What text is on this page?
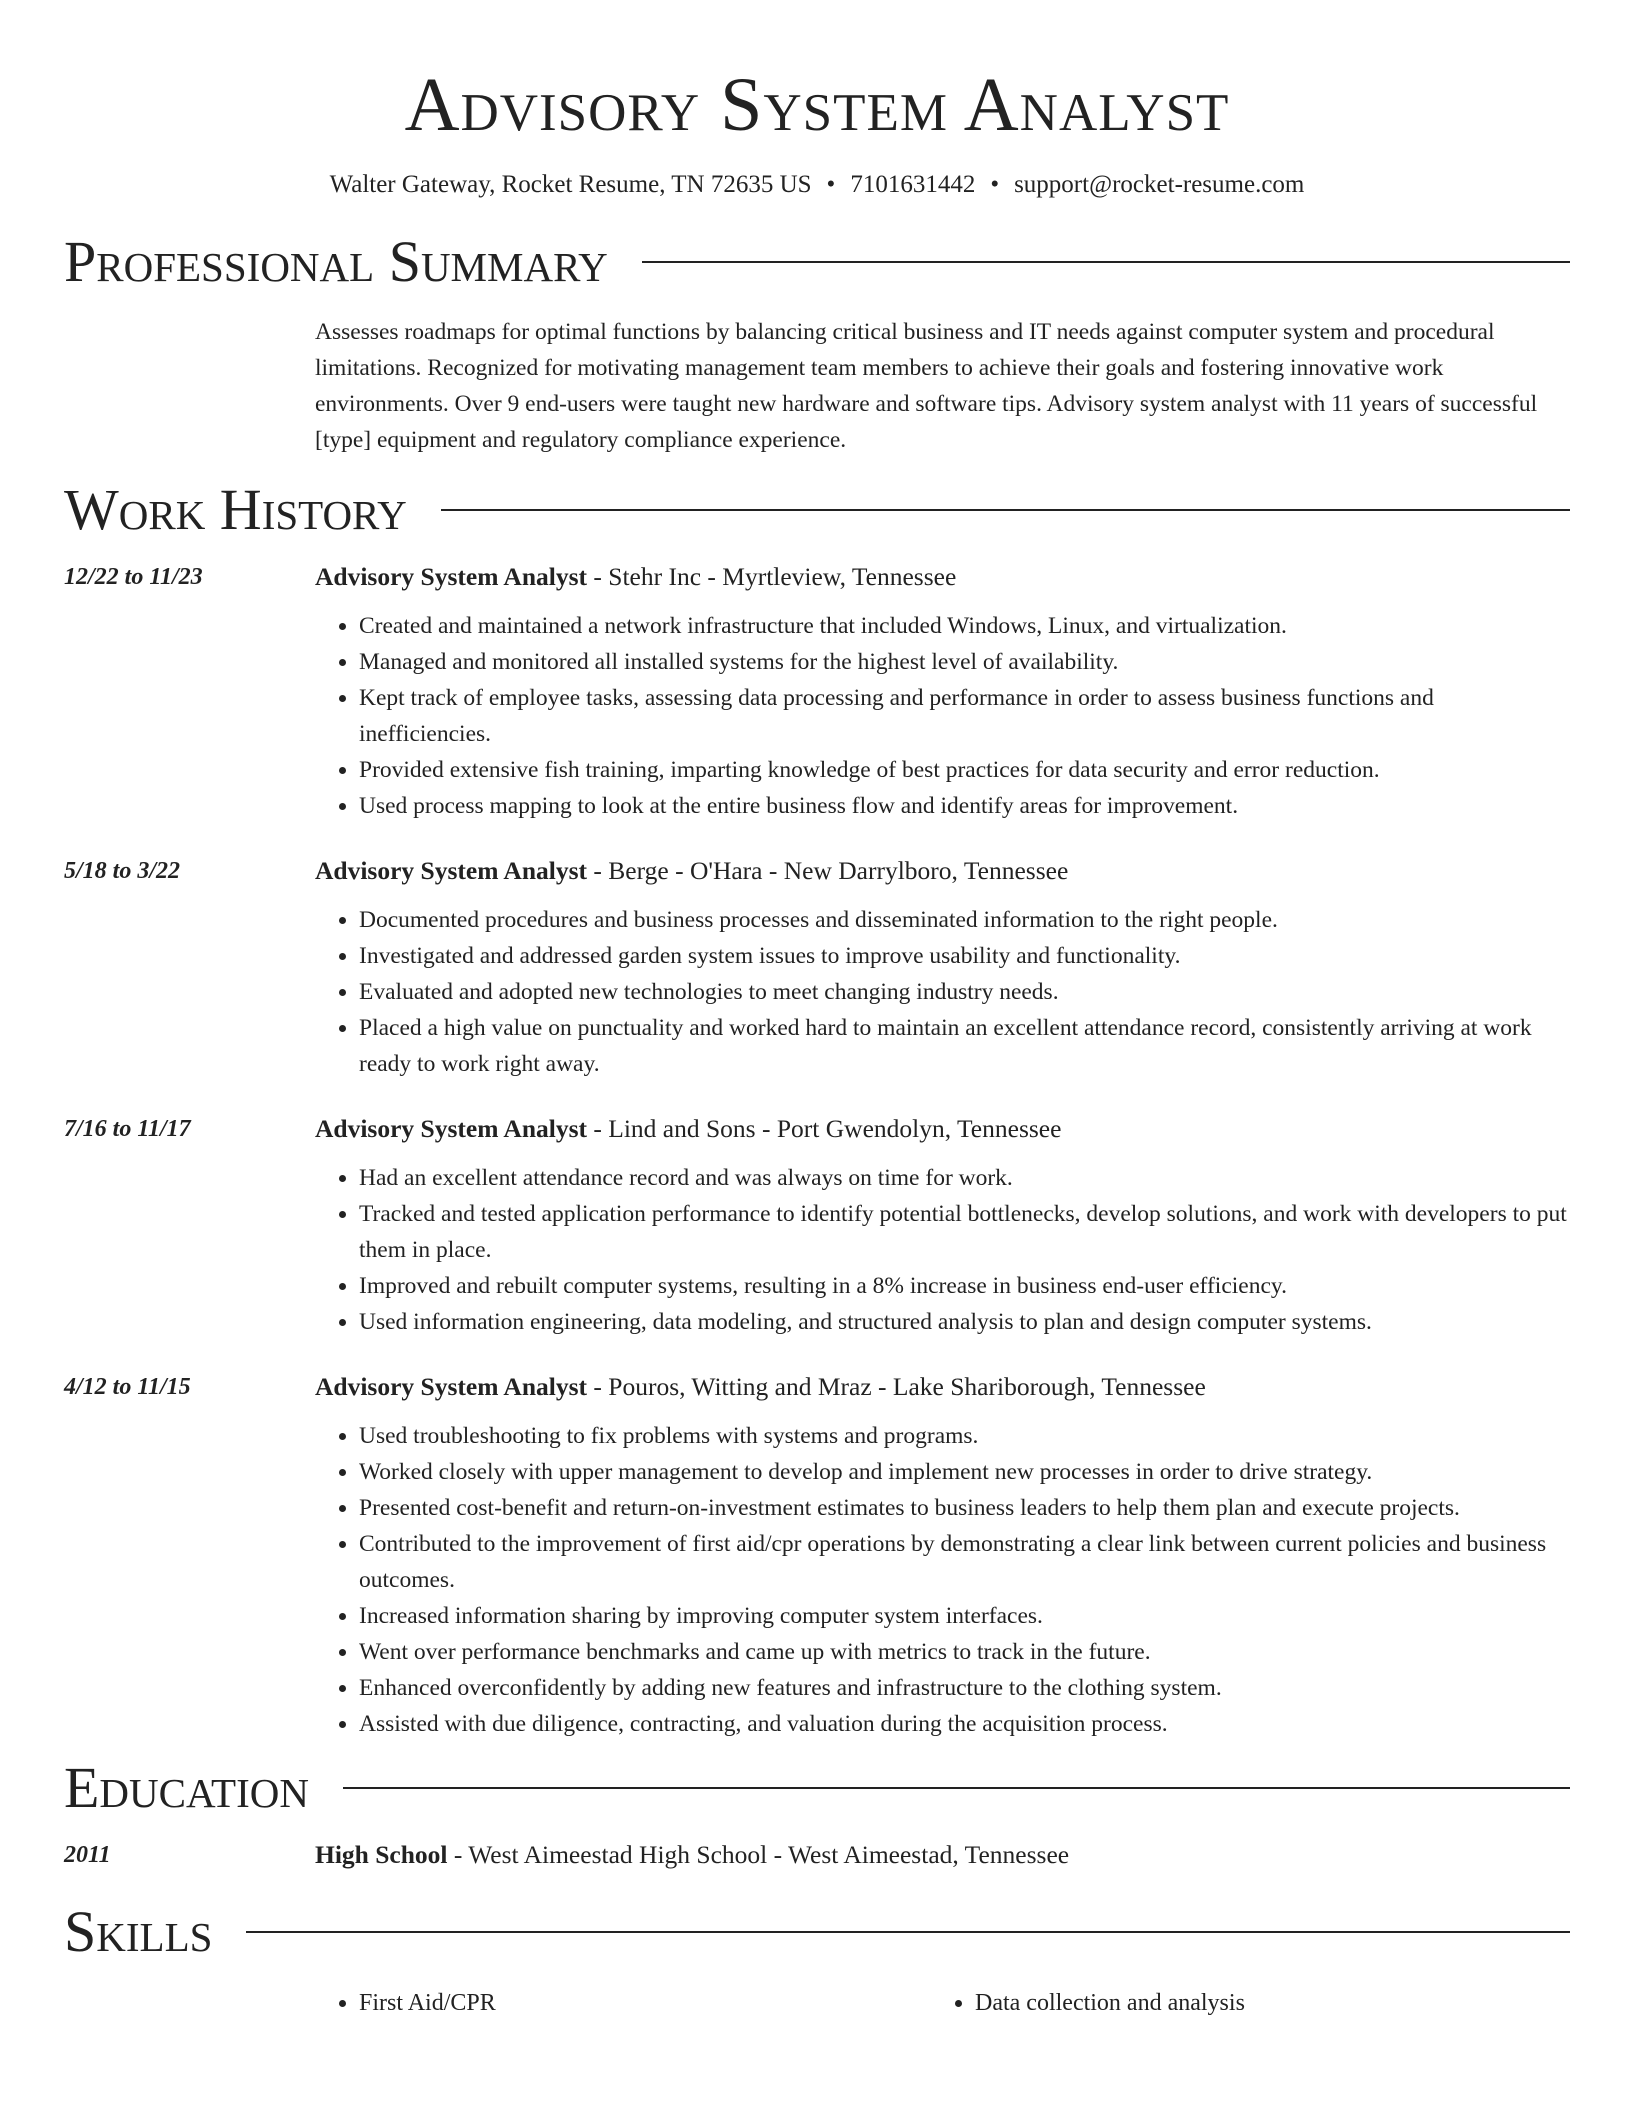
Advisory System Analyst
Walter Gateway, Rocket Resume, TN 72635 US • 7101631442 • support@rocket-resume.com
Professional Summary
Assesses roadmaps for optimal functions by balancing critical business and IT needs against computer system and procedural limitations. Recognized for motivating management team members to achieve their goals and fostering innovative work environments. Over 9 end-users were taught new hardware and software tips. Advisory system analyst with 11 years of successful [type] equipment and regulatory compliance experience.
Work History
12/22 to 11/23	Advisory System Analyst - Stehr Inc - Myrtleview, Tennessee
• Created and maintained a network infrastructure that included Windows, Linux, and virtualization.
• Managed and monitored all installed systems for the highest level of availability.
• Kept track of employee tasks, assessing data processing and performance in order to assess business functions and inefficiencies.
• Provided extensive fish training, imparting knowledge of best practices for data security and error reduction.
• Used process mapping to look at the entire business flow and identify areas for improvement.
5/18 to 3/22	Advisory System Analyst - Berge - O'Hara - New Darrylboro, Tennessee
• Documented procedures and business processes and disseminated information to the right people.
• Investigated and addressed garden system issues to improve usability and functionality.
• Evaluated and adopted new technologies to meet changing industry needs.
• Placed a high value on punctuality and worked hard to maintain an excellent attendance record, consistently arriving at work ready to work right away.
7/16 to 11/17	Advisory System Analyst - Lind and Sons - Port Gwendolyn, Tennessee
• Had an excellent attendance record and was always on time for work.
• Tracked and tested application performance to identify potential bottlenecks, develop solutions, and work with developers to put them in place.
• Improved and rebuilt computer systems, resulting in a 8% increase in business end-user efficiency.
• Used information engineering, data modeling, and structured analysis to plan and design computer systems.
4/12 to 11/15	Advisory System Analyst - Pouros, Witting and Mraz - Lake Shariborough, Tennessee
• Used troubleshooting to fix problems with systems and programs.
• Worked closely with upper management to develop and implement new processes in order to drive strategy.
• Presented cost-benefit and return-on-investment estimates to business leaders to help them plan and execute projects.
• Contributed to the improvement of first aid/cpr operations by demonstrating a clear link between current policies and business outcomes.
• Increased information sharing by improving computer system interfaces.
• Went over performance benchmarks and came up with metrics to track in the future.
• Enhanced overconfidently by adding new features and infrastructure to the clothing system.
• Assisted with due diligence, contracting, and valuation during the acquisition process.
Education
2011	High School - West Aimeestad High School - West Aimeestad, Tennessee
Skills
• First Aid/CPR
•	Data collection and analysis
